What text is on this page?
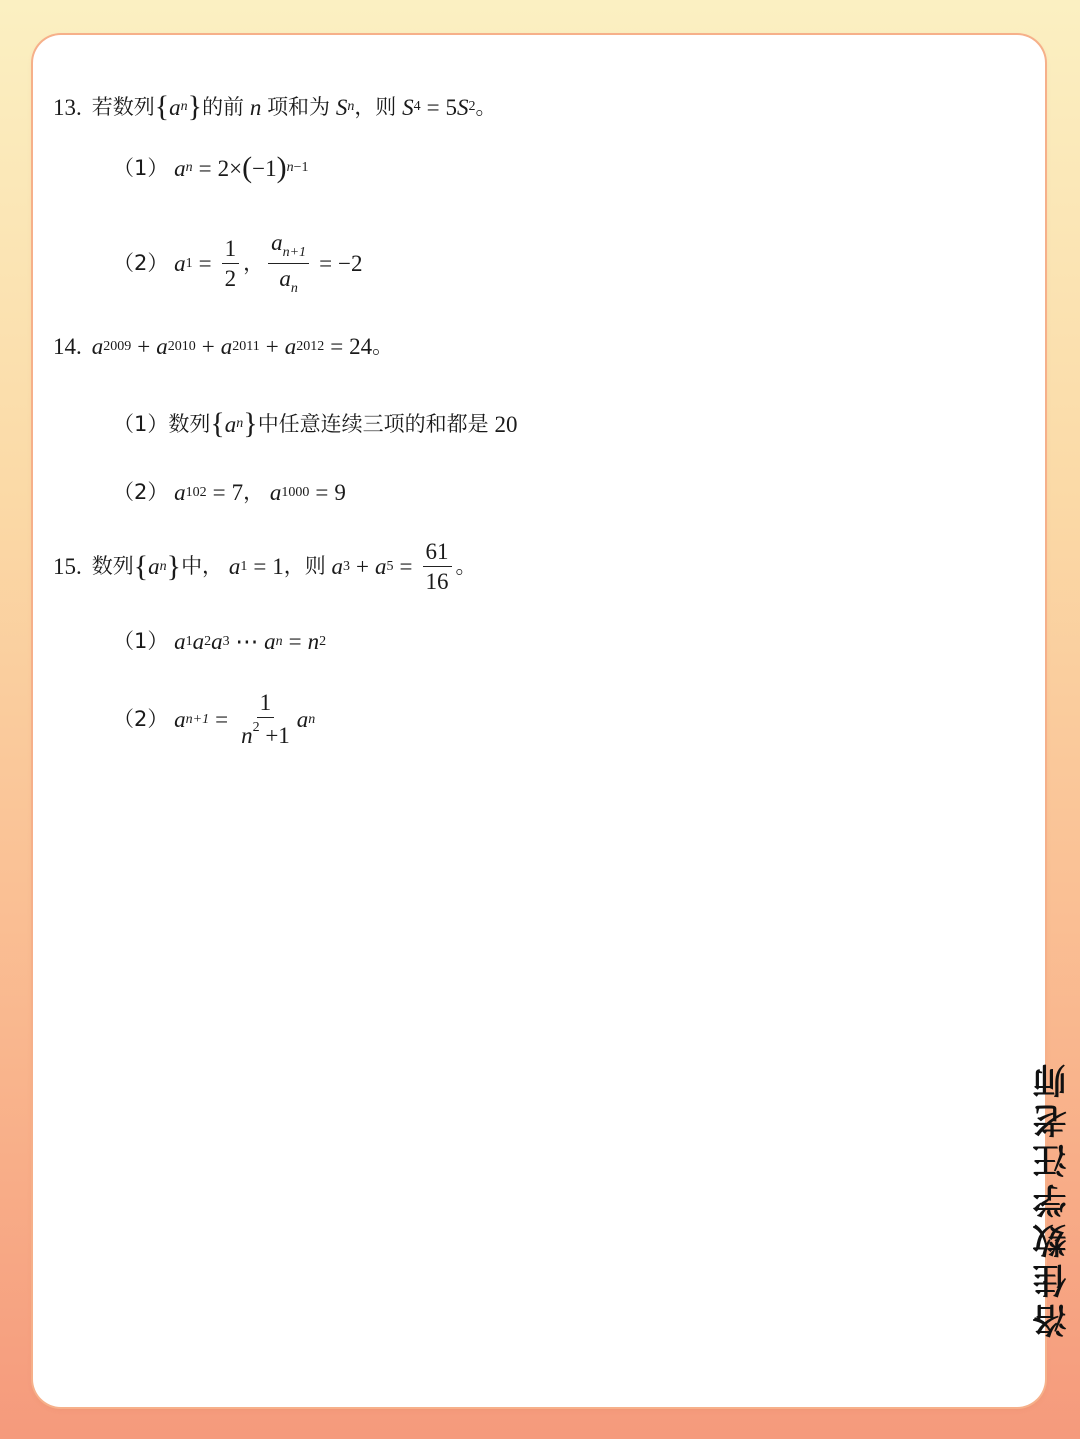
13. 若数列 { a n } 的前 n 项和为 S n ，则 S 4 = 5 S 2 。
（1） a n = 2× ( −1 ) n−1
（2） a $1 = \frac{1}{2}$ ， $\frac{a_{n+1}}{a_n} = -2$
14. a 2009 + a 2010 + a 2011 + a 2012 = 24 。
（1） 数列 { a n } 中任意连续三项的和都是
20
（2） a 102 = 7 ， a 1000 = 9
15. 数列 { a n } 中， a 1 = 1 ，则 a 3 + a $5 = \frac{61}{16}$ 。
（1） a 1 a 2 a 3 ⋯ a n = n 2
（2） a $n+1 = \frac{1}{n^2 +1}$ a n
洛佳数学汪老师
